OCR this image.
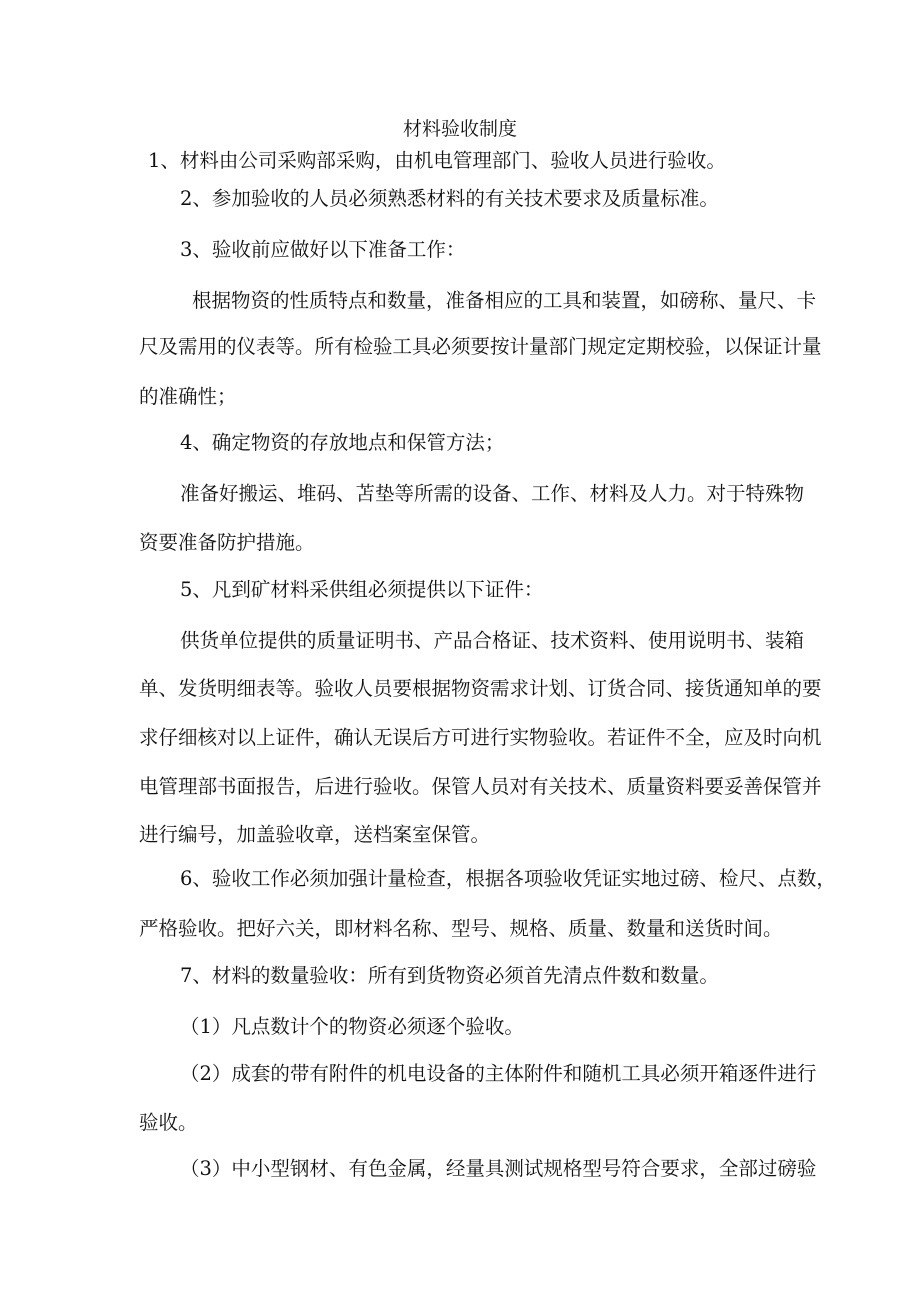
材料验收制度
1、材料由公司采购部采购，由机电管理部门、验收人员进行验收。
2、参加验收的人员必须熟悉材料的有关技术要求及质量标准。
3、验收前应做好以下准备工作：
根据物资的性质特点和数量，准备相应的工具和装置，如磅称、量尺、卡
尺及需用的仪表等。所有检验工具必须要按计量部门规定定期校验，以保证计量
的准确性；
4、确定物资的存放地点和保管方法；
准备好搬运、堆码、苫垫等所需的设备、工作、材料及人力。对于特殊物
资要准备防护措施。
5、凡到矿材料采供组必须提供以下证件：
供货单位提供的质量证明书、产品合格证、技术资料、使用说明书、装箱
单、发货明细表等。验收人员要根据物资需求计划、订货合同、接货通知单的要
求仔细核对以上证件，确认无误后方可进行实物验收。若证件不全，应及时向机
电管理部书面报告，后进行验收。保管人员对有关技术、质量资料要妥善保管并
进行编号，加盖验收章，送档案室保管。
6、验收工作必须加强计量检查，根据各项验收凭证实地过磅、检尺、点数，
严格验收。把好六关，即材料名称、型号、规格、质量、数量和送货时间。
7、材料的数量验收：所有到货物资必须首先清点件数和数量。
（1）凡点数计个的物资必须逐个验收。
（2）成套的带有附件的机电设备的主体附件和随机工具必须开箱逐件进行
验收。
（3）中小型钢材、有色金属，经量具测试规格型号符合要求，全部过磅验
